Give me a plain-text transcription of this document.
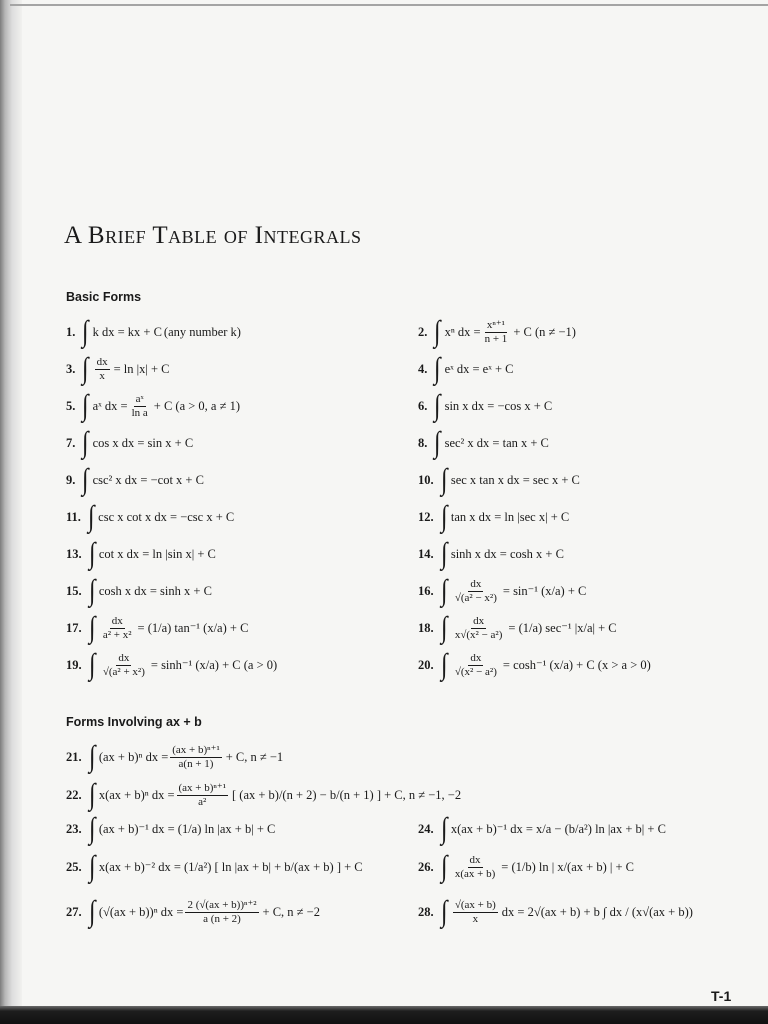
A Brief Table of Integrals
Basic Forms
1. ∫ k dx = kx + C (any number k)	2. ∫ xⁿ dx = $\frac{\text{xⁿ⁺¹}}{n + 1} + C$ (n ≠ −1)
3. ∫ $\frac{dx}{x} = \ln |x| + C$	4. ∫ eˣ dx = eˣ + C
5. ∫ aˣ dx = $\frac{\text{aˣ}}{\text{ln a}} + C$ (a > 0, a ≠ 1)	6. ∫ sin x dx = −cos x + C
7. ∫ cos x dx = sin x + C	8. ∫ sec² x dx = tan x + C
9. ∫ csc² x dx = −cot x + C	10. ∫ sec x tan x dx = sec x + C
11. ∫ csc x cot x dx = −csc x + C	12. ∫ tan x dx = ln |sec x| + C
13. ∫ cot x dx = ln |sin x| + C	14. ∫ sinh x dx = cosh x + C
15. ∫ cosh x dx = sinh x + C	16. ∫ $\frac{dx}{\text{√(a² − x²)}} = \sin^{-1}$ (x/a) + C
17. ∫ $\frac{dx}{\text{a² + x²}} = (1/a)$ tan⁻¹ (x/a) + C	18. ∫ $\frac{dx}{\text{x√(x² − a²)}} = (1/a)$ sec⁻¹ |x/a| + C
19. ∫ $\frac{dx}{\text{√(a² + x²)}} = \sinh^{-1}$ (x/a) + C (a > 0)	20. ∫ $\frac{dx}{\text{√(x² − a²)}} = \cosh^{-1}$ (x/a) + C (x > a > 0)
Forms Involving ax + b
21. ∫ (ax + b)ⁿ dx = $\frac{\text{(ax + b)ⁿ⁺¹}}{a(n + 1)} + C$, n ≠ −1
22. ∫ x(ax + b)ⁿ dx = $\frac{\text{(ax + b)ⁿ⁺¹}}{\text{a²}}$ [ (ax + b)/(n + 2) − b/(n + 1) ] + C, n ≠ −1, −2
23. ∫ (ax + b)⁻¹ dx = (1/a) ln |ax + b| + C	24. ∫ x(ax + b)⁻¹ dx = x/a − (b/a²) ln |ax + b| + C
25. ∫ x(ax + b)⁻² dx = (1/a²) [ ln |ax + b| + b/(ax + b) ] + C	26. ∫ $\frac{dx}{x(ax + b)} = (1/b)$ ln | x/(ax + b) | + C
27. ∫ (√(ax + b))ⁿ dx = $\frac{\text{2 (√(ax + b))ⁿ⁺²}}{a (n + 2)} + C$, n ≠ −2	28. ∫ $\frac{√(ax + b)}{x}$ dx = 2√(ax + b) + b ∫ dx / (x√(ax + b))
T-1
